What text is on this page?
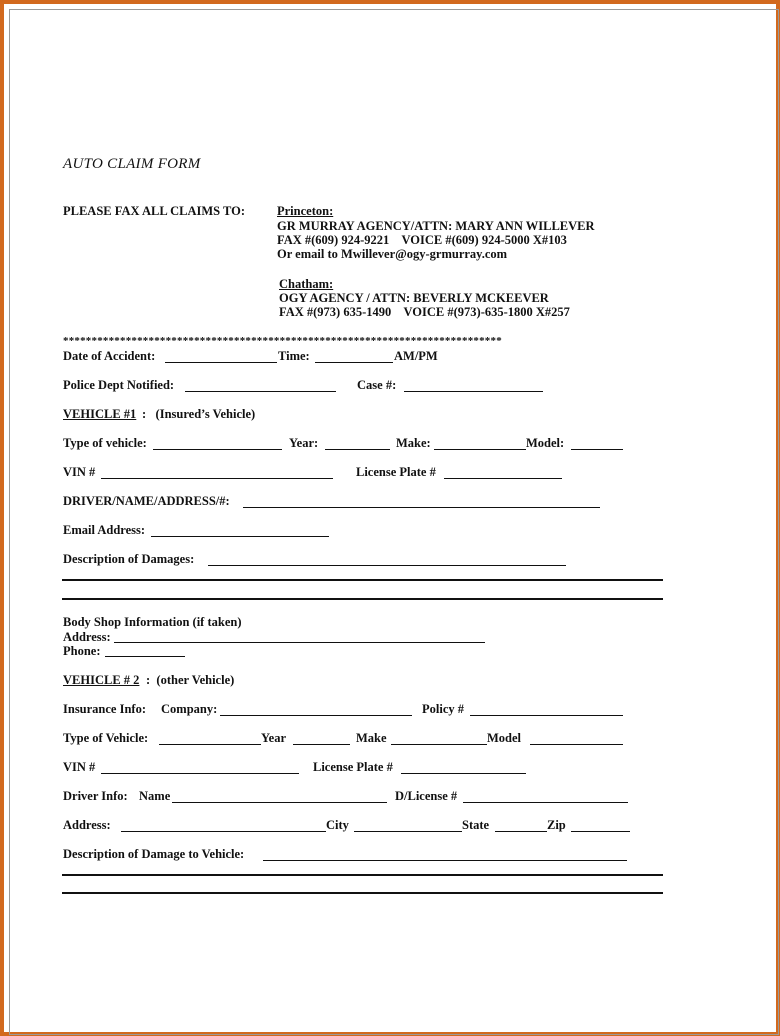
AUTO CLAIM FORM
PLEASE FAX ALL CLAIMS TO:	Princeton:
GR MURRAY AGENCY/ATTN: MARY ANN WILLEVER
FAX #(609) 924-9221    VOICE #(609) 924-5000 X#103
Or email to Mwillever@ogy-grmurray.com
Chatham:
OGY AGENCY / ATTN: BEVERLY MCKEEVER
FAX #(973) 635-1490    VOICE #(973)-635-1800 X#257
*****************************************************************************
Date of Accident:	Time:	AM/PM
Police Dept Notified:	Case #:
VEHICLE #1 :   (Insured’s Vehicle)
Type of vehicle:	Year:	Make:	Model:
VIN #	License Plate #
DRIVER/NAME/ADDRESS/#:
Email Address:
Description of Damages:
Body Shop Information (if taken)
Address:
Phone:
VEHICLE # 2 :  (other Vehicle)
Insurance Info: Company:	Policy #
Type of Vehicle:	Year	Make	Model
VIN #	License Plate #
Driver Info: Name	D/License #
Address:	City	State	Zip
Description of Damage to Vehicle:
